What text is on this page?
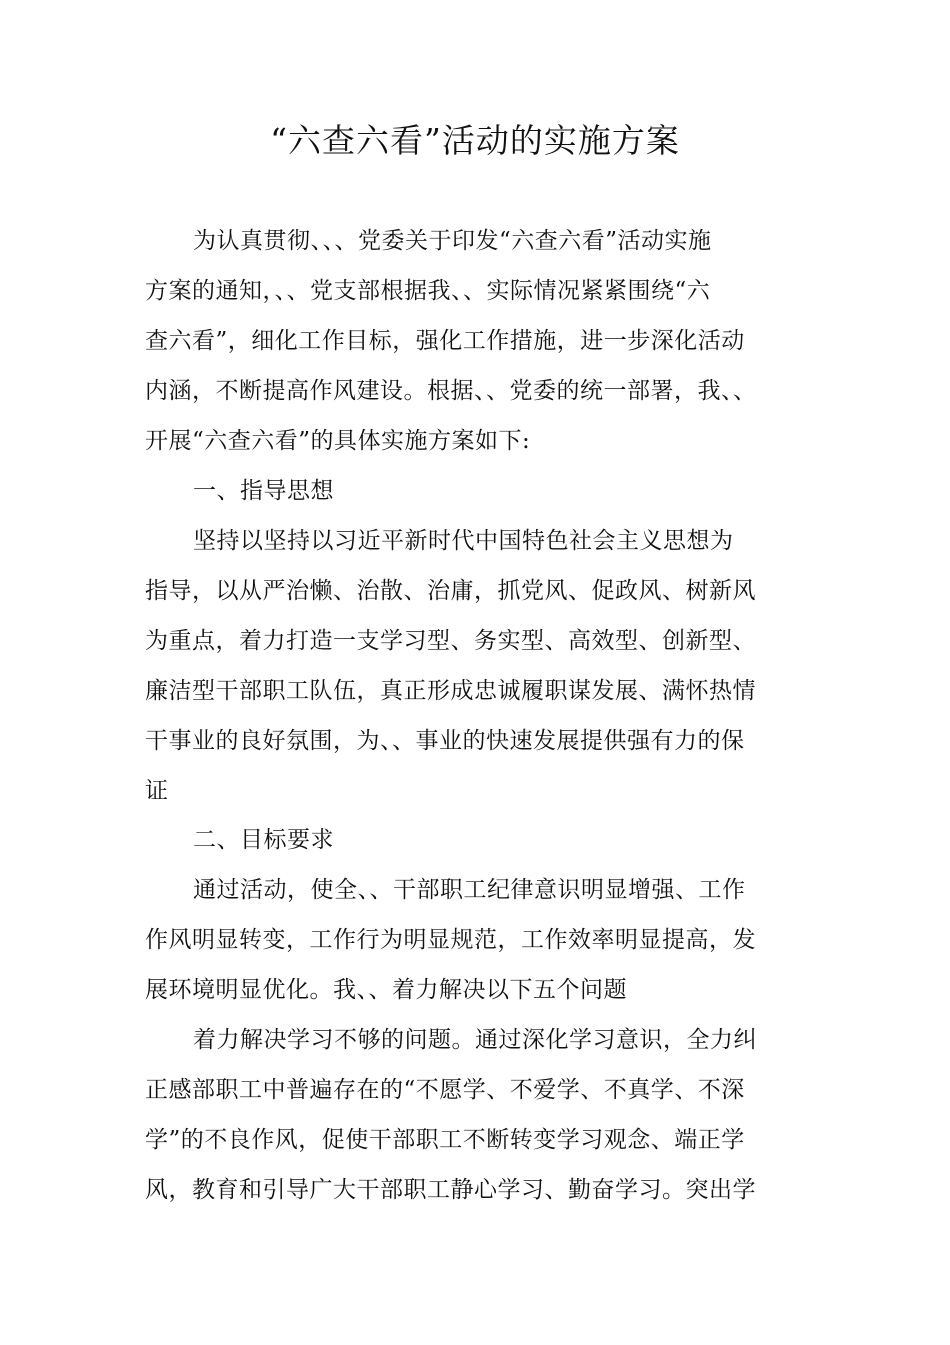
“六查六看”活动的实施方案
为认真贯彻、、、党委关于印发“六查六看”活动实施
方案的通知，、、党支部根据我、、实际情况紧紧围绕“六
查六看”，细化工作目标，强化工作措施，进一步深化活动
内涵，不断提高作风建设。根据、、党委的统一部署，我、、
开展“六查六看”的具体实施方案如下:
一、指导思想
坚持以坚持以习近平新时代中国特色社会主义思想为
指导，以从严治懒、治散、治庸，抓党风、促政风、树新风
为重点，着力打造一支学习型、务实型、高效型、创新型、
廉洁型干部职工队伍，真正形成忠诚履职谋发展、满怀热情
干事业的良好氛围，为、、事业的快速发展提供强有力的保
证
二、目标要求
通过活动，使全、、干部职工纪律意识明显增强、工作
作风明显转变，工作行为明显规范，工作效率明显提高，发
展环境明显优化。我、、着力解决以下五个问题
着力解决学习不够的问题。通过深化学习意识，全力纠
正感部职工中普遍存在的“不愿学、不爱学、不真学、不深
学”的不良作风，促使干部职工不断转变学习观念、端正学
风，教育和引导广大干部职工静心学习、勤奋学习。突出学
